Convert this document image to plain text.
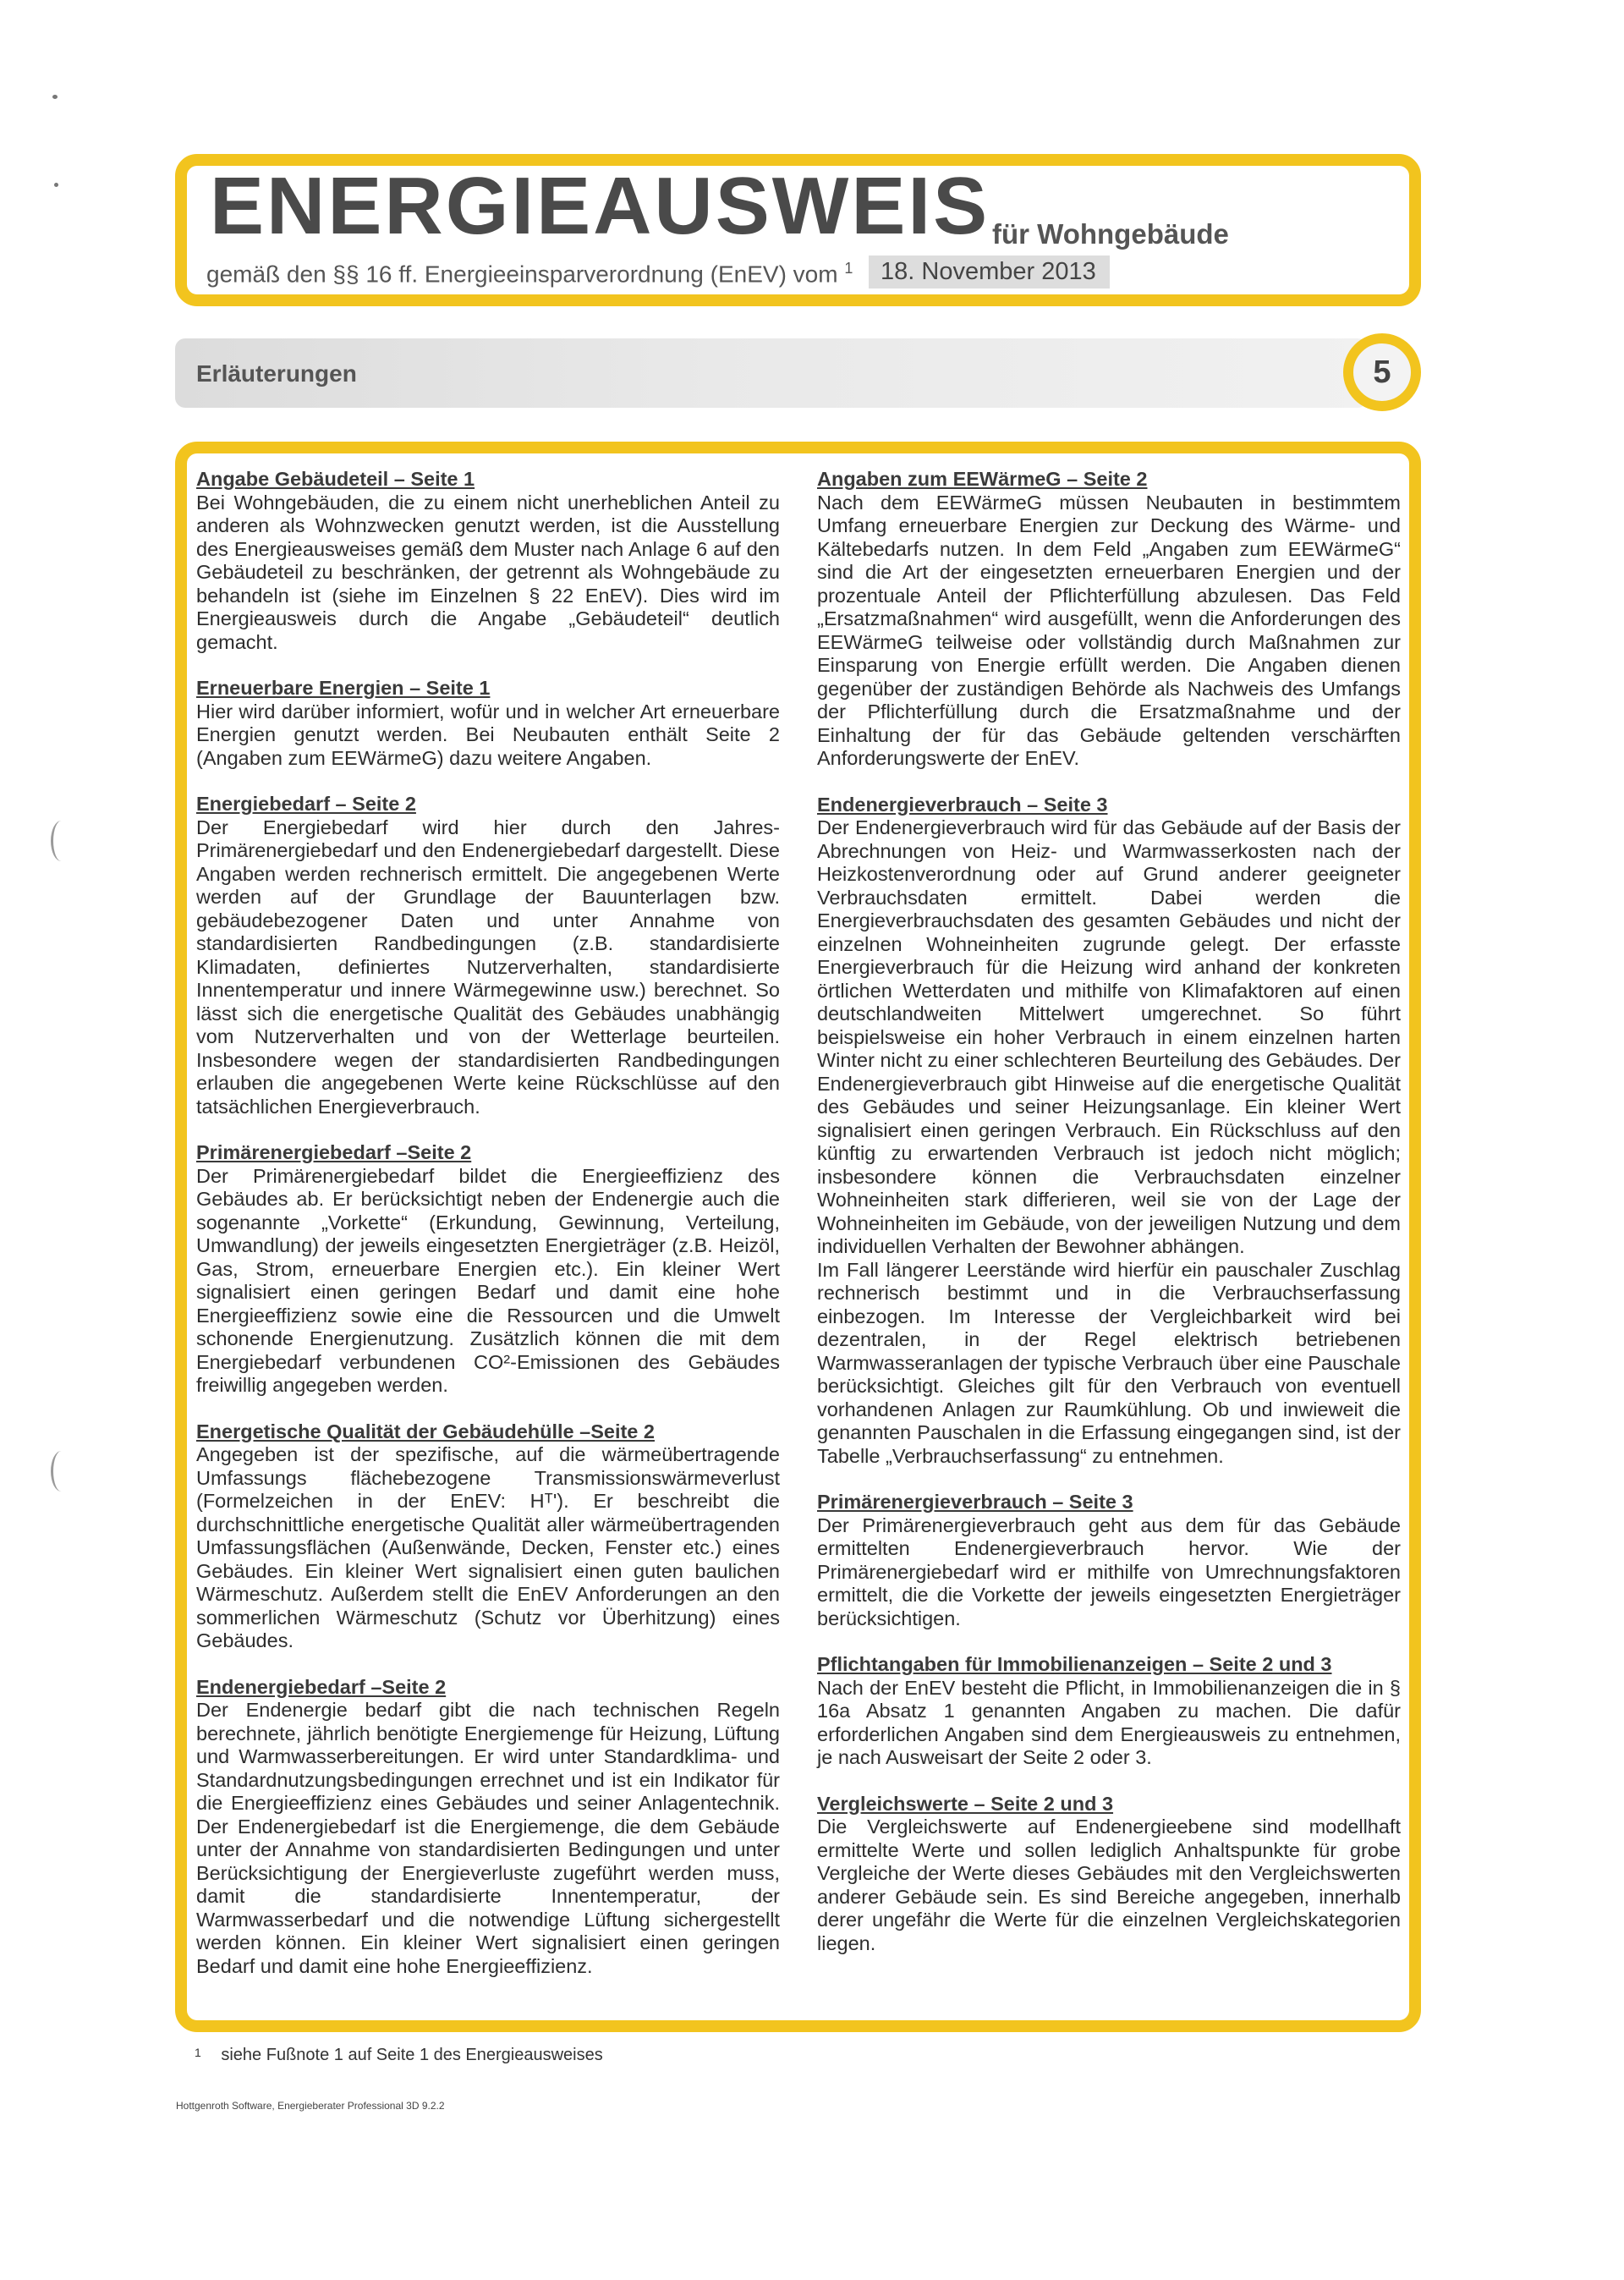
ENERGIEAUSWEIS für Wohngebäude
gemäß den §§ 16 ff. Energieeinsparverordnung (EnEV) vom $^1$	18. November 2013
Erläuterungen	5
Angabe Gebäudeteil – Seite 1

Bei Wohngebäuden, die zu einem nicht unerheblichen Anteil zu anderen als Wohnzwecken genutzt werden, ist die Ausstellung des Energieausweises gemäß dem Muster nach Anlage 6 auf den Gebäudeteil zu beschränken, der getrennt als Wohngebäude zu behandeln ist (siehe im Einzelnen § 22 EnEV). Dies wird im Energieausweis durch die Angabe „Gebäudeteil“ deutlich gemacht.

Erneuerbare Energien – Seite 1

Hier wird darüber informiert, wofür und in welcher Art erneuerbare Energien genutzt werden. Bei Neubauten enthält Seite 2 (Angaben zum EEWärmeG) dazu weitere Angaben.

Energiebedarf – Seite 2

Der Energiebedarf wird hier durch den Jahres-Primärenergiebedarf und den Endenergiebedarf dargestellt. Diese Angaben werden rechnerisch ermittelt. Die angegebenen Werte werden auf der Grundlage der Bauunterlagen bzw. gebäudebezogener Daten und unter Annahme von standardisierten Randbedingungen (z.B. standardisierte Klimadaten, definiertes Nutzerverhalten, standardisierte Innentemperatur und innere Wärmegewinne usw.) berechnet. So lässt sich die energetische Qualität des Gebäudes unabhängig vom Nutzerverhalten und von der Wetterlage beurteilen. Insbesondere wegen der standardisierten Randbedingungen erlauben die angegebenen Werte keine Rückschlüsse auf den tatsächlichen Energieverbrauch.

Primärenergiebedarf –Seite 2

Der Primärenergiebedarf bildet die Energieeffizienz des Gebäudes ab. Er berücksichtigt neben der Endenergie auch die sogenannte „Vorkette“ (Erkundung, Gewinnung, Verteilung, Umwandlung) der jeweils eingesetzten Energieträger (z.B. Heizöl, Gas, Strom, erneuerbare Energien etc.). Ein kleiner Wert signalisiert einen geringen Bedarf und damit eine hohe Energieeffizienz sowie eine die Ressourcen und die Umwelt schonende Energienutzung. Zusätzlich können die mit dem Energiebedarf verbundenen CO²-Emissionen des Gebäudes freiwillig angegeben werden.

Energetische Qualität der Gebäudehülle –Seite 2

Angegeben ist der spezifische, auf die wärmeübertragende Umfassungs flächebezogene Transmissionswärmeverlust (Formelzeichen in der EnEV: Hᵀ'). Er beschreibt die durchschnittliche energetische Qualität aller wärmeübertragenden Umfassungsflächen (Außenwände, Decken, Fenster etc.) eines Gebäudes. Ein kleiner Wert signalisiert einen guten baulichen Wärmeschutz. Außerdem stellt die EnEV Anforderungen an den sommerlichen Wärmeschutz (Schutz vor Überhitzung) eines Gebäudes.

Endenergiebedarf –Seite 2

Der Endenergie bedarf gibt die nach technischen Regeln berechnete, jährlich benötigte Energiemenge für Heizung, Lüftung und Warmwasserbereitungen. Er wird unter Standardklima- und Standardnutzungsbedingungen errechnet und ist ein Indikator für die Energieeffizienz eines Gebäudes und seiner Anlagentechnik. Der Endenergiebedarf ist die Energiemenge, die dem Gebäude unter der Annahme von standardisierten Bedingungen und unter Berücksichtigung der Energieverluste zugeführt werden muss, damit die standardisierte Innentemperatur, der Warmwasserbedarf und die notwendige Lüftung sichergestellt werden können. Ein kleiner Wert signalisiert einen geringen Bedarf und damit eine hohe Energieeffizienz.

Angaben zum EEWärmeG – Seite 2

Nach dem EEWärmeG müssen Neubauten in bestimmtem Umfang erneuerbare Energien zur Deckung des Wärme- und Kältebedarfs nutzen. In dem Feld „Angaben zum EEWärmeG“ sind die Art der eingesetzten erneuerbaren Energien und der prozentuale Anteil der Pflichterfüllung abzulesen. Das Feld „Ersatzmaßnahmen“ wird ausgefüllt, wenn die Anforderungen des EEWärmeG teilweise oder vollständig durch Maßnahmen zur Einsparung von Energie erfüllt werden. Die Angaben dienen gegenüber der zuständigen Behörde als Nachweis des Umfangs der Pflichterfüllung durch die Ersatzmaßnahme und der Einhaltung der für das Gebäude geltenden verschärften Anforderungswerte der EnEV.

Endenergieverbrauch – Seite 3

Der Endenergieverbrauch wird für das Gebäude auf der Basis der Abrechnungen von Heiz- und Warmwasserkosten nach der Heizkostenverordnung oder auf Grund anderer geeigneter Verbrauchsdaten ermittelt. Dabei werden die Energieverbrauchsdaten des gesamten Gebäudes und nicht der einzelnen Wohneinheiten zugrunde gelegt. Der erfasste Energieverbrauch für die Heizung wird anhand der konkreten örtlichen Wetterdaten und mithilfe von Klimafaktoren auf einen deutschlandweiten Mittelwert umgerechnet. So führt beispielsweise ein hoher Verbrauch in einem einzelnen harten Winter nicht zu einer schlechteren Beurteilung des Gebäudes. Der Endenergieverbrauch gibt Hinweise auf die energetische Qualität des Gebäudes und seiner Heizungsanlage. Ein kleiner Wert signalisiert einen geringen Verbrauch. Ein Rückschluss auf den künftig zu erwartenden Verbrauch ist jedoch nicht möglich; insbesondere können die Verbrauchsdaten einzelner Wohneinheiten stark differieren, weil sie von der Lage der Wohneinheiten im Gebäude, von der jeweiligen Nutzung und dem individuellen Verhalten der Bewohner abhängen.

Im Fall längerer Leerstände wird hierfür ein pauschaler Zuschlag rechnerisch bestimmt und in die Verbrauchserfassung einbezogen. Im Interesse der Vergleichbarkeit wird bei dezentralen, in der Regel elektrisch betriebenen Warmwasseranlagen der typische Verbrauch über eine Pauschale berücksichtigt. Gleiches gilt für den Verbrauch von eventuell vorhandenen Anlagen zur Raumkühlung. Ob und inwieweit die genannten Pauschalen in die Erfassung eingegangen sind, ist der Tabelle „Verbrauchserfassung“ zu entnehmen.

Primärenergieverbrauch – Seite 3

Der Primärenergieverbrauch geht aus dem für das Gebäude ermittelten Endenergieverbrauch hervor. Wie der Primärenergiebedarf wird er mithilfe von Umrechnungsfaktoren ermittelt, die die Vorkette der jeweils eingesetzten Energieträger berücksichtigen.

Pflichtangaben für Immobilienanzeigen – Seite 2 und 3

Nach der EnEV besteht die Pflicht, in Immobilienanzeigen die in § 16a Absatz 1 genannten Angaben zu machen. Die dafür erforderlichen Angaben sind dem Energieausweis zu entnehmen, je nach Ausweisart der Seite 2 oder 3.

Vergleichswerte – Seite 2 und 3

Die Vergleichswerte auf Endenergieebene sind modellhaft ermittelte Werte und sollen lediglich Anhaltspunkte für grobe Vergleiche der Werte dieses Gebäudes mit den Vergleichswerten anderer Gebäude sein. Es sind Bereiche angegeben, innerhalb derer ungefähr die Werte für die einzelnen Vergleichskategorien liegen.

$^1$ siehe Fußnote 1 auf Seite 1 des Energieausweises
Hottgenroth Software, Energieberater Professional 3D 9.2.2
